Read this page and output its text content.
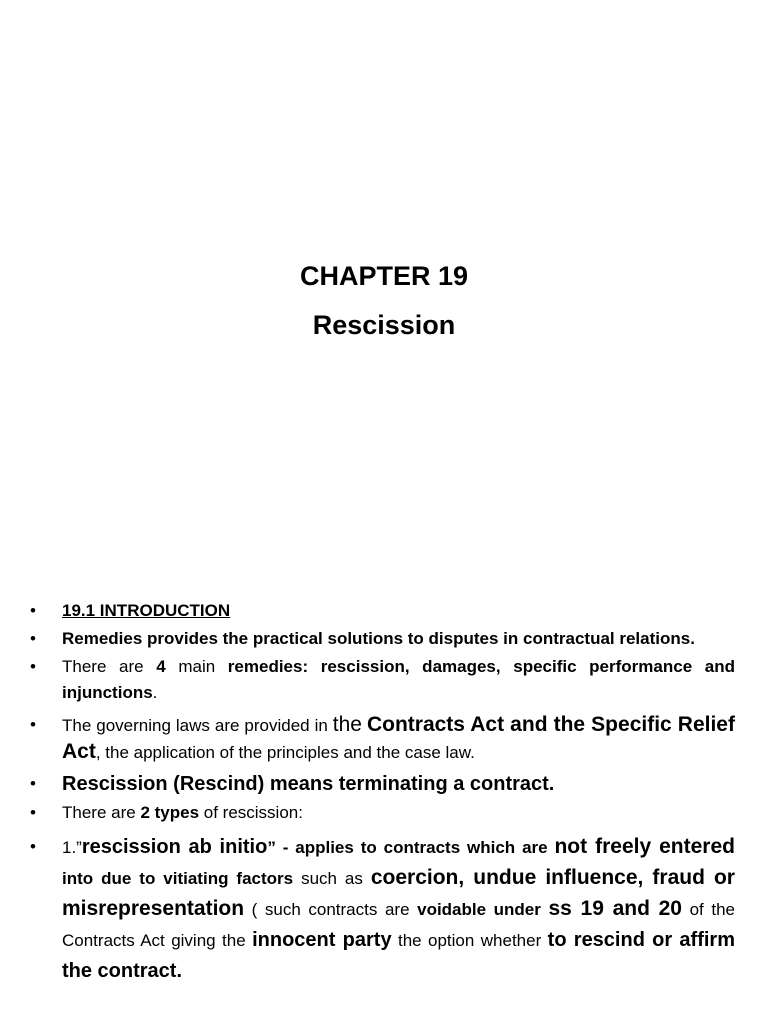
CHAPTER 19
Rescission
• 19.1 INTRODUCTION
• Remedies provides the practical solutions to disputes in contractual relations.
• There are 4 main remedies: rescission, damages, specific performance and injunctions.
• The governing laws are provided in the Contracts Act and the Specific Relief Act, the application of the principles and the case law.
• Rescission (Rescind) means terminating a contract.
• There are 2 types of rescission:
• 1.”rescission ab initio” - applies to contracts which are not freely entered into due to vitiating factors such as coercion, undue influence, fraud or misrepresentation ( such contracts are voidable under ss 19 and 20 of the Contracts Act giving the innocent party the option whether to rescind or affirm the contract.
